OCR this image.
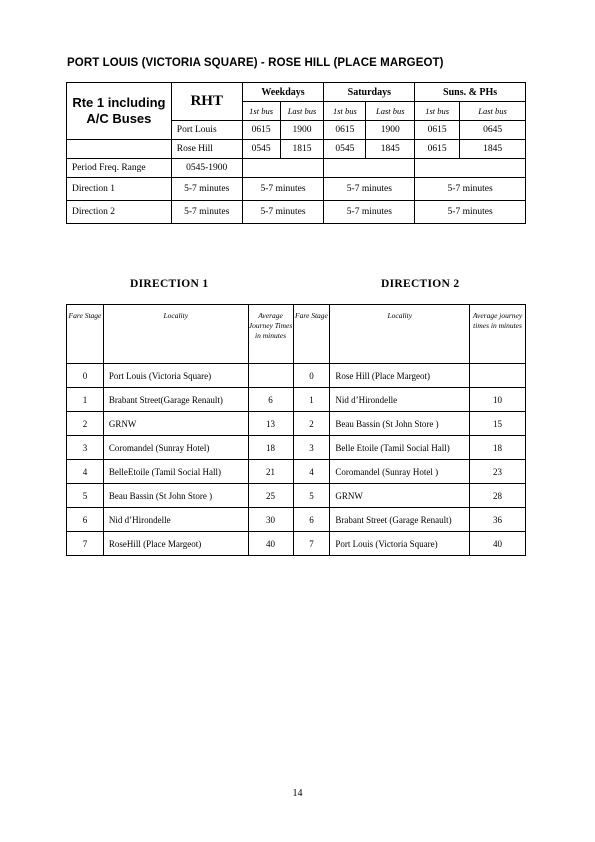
PORT LOUIS (VICTORIA SQUARE) - ROSE HILL (PLACE MARGEOT)
Rte 1 including A/C Buses	RHT	Weekdays		Saturdays		Suns. & PHs	
		1st bus	Last bus	1st bus	Last bus	1st bus	Last bus
	Port Louis	0615	1900	0615	1900	0615	0645
	Rose Hill	0545	1815	0545	1845	0615	1845
Period Freq. Range	0545-1900						
Direction 1	5-7 minutes	5-7 minutes		5-7 minutes		5-7 minutes	
Direction 2	5-7 minutes	5-7 minutes		5-7 minutes		5-7 minutes	
DIRECTION 1	DIRECTION 2
Fare Stage	Locality	Average Journey Times in minutes	Fare Stage	Locality	Average journey times in minutes
0	Port Louis (Victoria Square)		0	Rose Hill (Place Margeot)	
1	Brabant Street(Garage Renault)	6	1	Nid d’Hirondelle	10
2	GRNW	13	2	Beau Bassin (St John Store )	15
3	Coromandel (Sunray Hotel)	18	3	Belle Etoile (Tamil Social Hall)	18
4	BelleEtoile (Tamil Social Hall)	21	4	Coromandel (Sunray Hotel )	23
5	Beau Bassin (St John Store )	25	5	GRNW	28
6	Nid d’Hirondelle	30	6	Brabant Street (Garage Renault)	36
7	RoseHill (Place Margeot)	40	7	Port Louis (Victoria Square)	40
14
